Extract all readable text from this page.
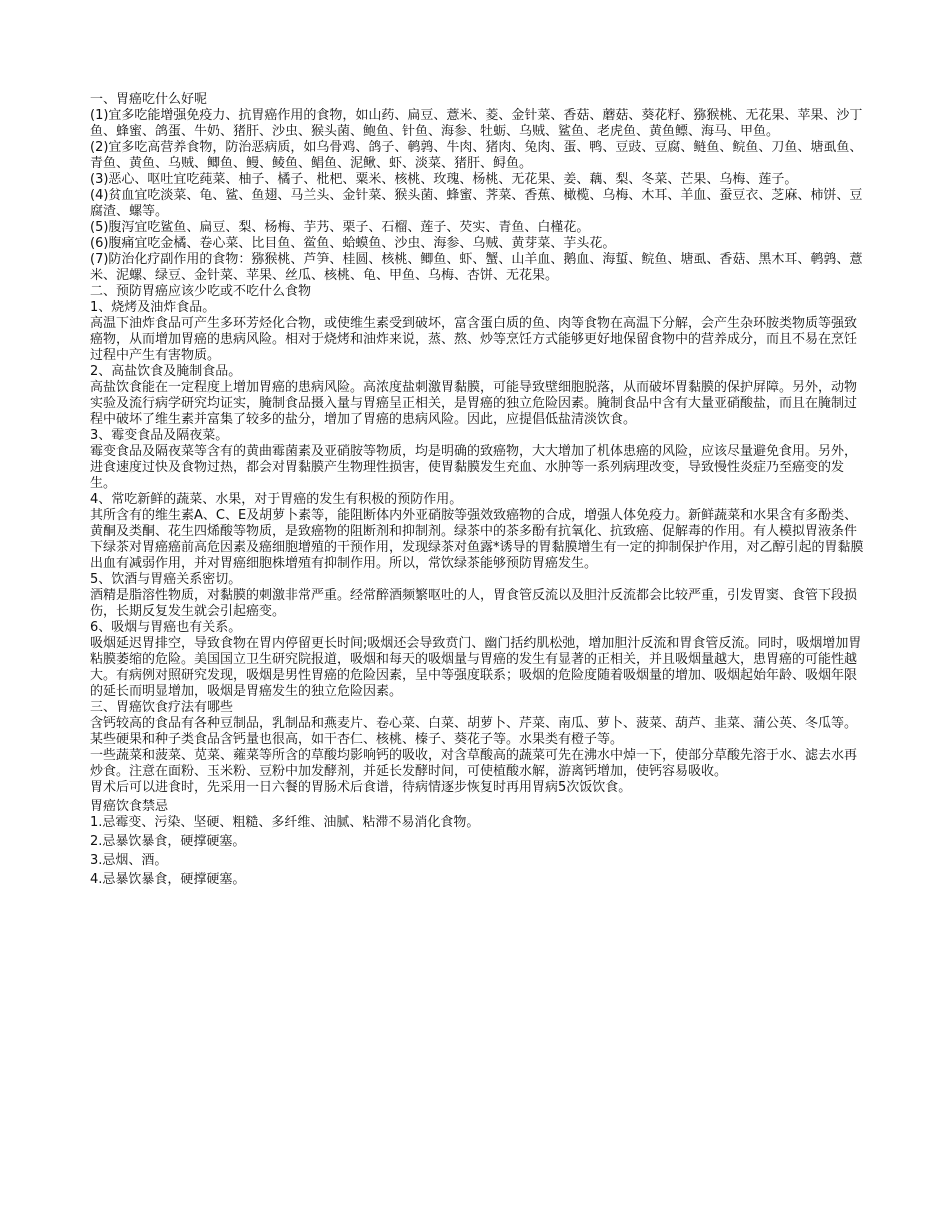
一、胃癌吃什么好呢

(1)宜多吃能增强免疫力、抗胃癌作用的食物，如山药、扁豆、薏米、菱、金针菜、香菇、蘑菇、葵花籽、猕猴桃、无花果、苹果、沙丁鱼、蜂蜜、鸽蛋、牛奶、猪肝、沙虫、猴头菌、鲍鱼、针鱼、海参、牡蛎、乌贼、鲨鱼、老虎鱼、黄鱼鳔、海马、甲鱼。

(2)宜多吃高营养食物，防治恶病质，如乌骨鸡、鸽子、鹌鹑、牛肉、猪肉、兔肉、蛋、鸭、豆豉、豆腐、鲢鱼、鲩鱼、刀鱼、塘虱鱼、青鱼、黄鱼、乌贼、鲫鱼、鳗、鲮鱼、鲳鱼、泥鳅、虾、淡菜、猪肝、鲟鱼。

(3)恶心、呕吐宜吃莼菜、柚子、橘子、枇杷、粟米、核桃、玫瑰、杨桃、无花果、姜、藕、梨、冬菜、芒果、乌梅、莲子。

(4)贫血宜吃淡菜、龟、鲨、鱼翅、马兰头、金针菜、猴头菌、蜂蜜、荠菜、香蕉、橄榄、乌梅、木耳、羊血、蚕豆衣、芝麻、柿饼、豆腐渣、螺等。

(5)腹泻宜吃鲨鱼、扁豆、梨、杨梅、芋艿、栗子、石榴、莲子、芡实、青鱼、白槿花。

(6)腹痛宜吃金橘、卷心菜、比目鱼、鲎鱼、蛤蟆鱼、沙虫、海参、乌贼、黄芽菜、芋头花。

(7)防治化疗副作用的食物：猕猴桃、芦笋、桂圆、核桃、鲫鱼、虾、蟹、山羊血、鹅血、海蜇、鲩鱼、塘虱、香菇、黑木耳、鹌鹑、薏米、泥螺、绿豆、金针菜、苹果、丝瓜、核桃、龟、甲鱼、乌梅、杏饼、无花果。

二、预防胃癌应该少吃或不吃什么食物

1、烧烤及油炸食品。

高温下油炸食品可产生多环芳烃化合物，或使维生素受到破坏，富含蛋白质的鱼、肉等食物在高温下分解，会产生杂环胺类物质等强致癌物，从而增加胃癌的患病风险。相对于烧烤和油炸来说，蒸、熬、炒等烹饪方式能够更好地保留食物中的营养成分，而且不易在烹饪过程中产生有害物质。

2、高盐饮食及腌制食品。

高盐饮食能在一定程度上增加胃癌的患病风险。高浓度盐刺激胃黏膜，可能导致壁细胞脱落，从而破坏胃黏膜的保护屏障。另外，动物实验及流行病学研究均证实，腌制食品摄入量与胃癌呈正相关，是胃癌的独立危险因素。腌制食品中含有大量亚硝酸盐，而且在腌制过程中破坏了维生素并富集了较多的盐分，增加了胃癌的患病风险。因此，应提倡低盐清淡饮食。

3、霉变食品及隔夜菜。

霉变食品及隔夜菜等含有的黄曲霉菌素及亚硝胺等物质，均是明确的致癌物，大大增加了机体患癌的风险，应该尽量避免食用。另外，进食速度过快及食物过热，都会对胃黏膜产生物理性损害，使胃黏膜发生充血、水肿等一系列病理改变，导致慢性炎症乃至癌变的发生。

4、常吃新鲜的蔬菜、水果，对于胃癌的发生有积极的预防作用。

其所含有的维生素A、C、E及胡萝卜素等，能阻断体内外亚硝胺等强效致癌物的合成，增强人体免疫力。新鲜蔬菜和水果含有多酚类、黄酮及类酮、花生四烯酸等物质，是致癌物的阻断剂和抑制剂。绿茶中的茶多酚有抗氧化、抗致癌、促解毒的作用。有人模拟胃液条件下绿茶对胃癌癌前高危因素及癌细胞增殖的干预作用，发现绿茶对鱼露*诱导的胃黏膜增生有一定的抑制保护作用，对乙醇引起的胃黏膜出血有减弱作用，并对胃癌细胞株增殖有抑制作用。所以，常饮绿茶能够预防胃癌发生。

5、饮酒与胃癌关系密切。

酒精是脂溶性物质，对黏膜的刺激非常严重。经常醉酒频繁呕吐的人，胃食管反流以及胆汁反流都会比较严重，引发胃窦、食管下段损伤，长期反复发生就会引起癌变。

6、吸烟与胃癌也有关系。

吸烟延迟胃排空，导致食物在胃内停留更长时间;吸烟还会导致贲门、幽门括约肌松弛，增加胆汁反流和胃食管反流。同时，吸烟增加胃粘膜萎缩的危险。美国国立卫生研究院报道，吸烟和每天的吸烟量与胃癌的发生有显著的正相关，并且吸烟量越大，患胃癌的可能性越大。有病例对照研究发现，吸烟是男性胃癌的危险因素，呈中等强度联系；吸烟的危险度随着吸烟量的增加、吸烟起始年龄、吸烟年限的延长而明显增加，吸烟是胃癌发生的独立危险因素。

三、胃癌饮食疗法有哪些

含钙较高的食品有各种豆制品，乳制品和燕麦片、卷心菜、白菜、胡萝卜、芹菜、南瓜、萝卜、菠菜、葫芦、韭菜、蒲公英、冬瓜等。某些硬果和种子类食品含钙量也很高，如干杏仁、核桃、榛子、葵花子等。水果类有橙子等。

一些蔬菜和菠菜、苋菜、蕹菜等所含的草酸均影响钙的吸收，对含草酸高的蔬菜可先在沸水中焯一下，使部分草酸先溶于水、滤去水再炒食。注意在面粉、玉米粉、豆粉中加发酵剂，并延长发酵时间，可使植酸水解，游离钙增加，使钙容易吸收。

胃术后可以进食时，先采用一日六餐的胃肠术后食谱，待病情逐步恢复时再用胃病5次饭饮食。

胃癌饮食禁忌

1.忌霉变、污染、坚硬、粗糙、多纤维、油腻、粘滞不易消化食物。

2.忌暴饮暴食，硬撑硬塞。

3.忌烟、酒。

4.忌暴饮暴食，硬撑硬塞。
